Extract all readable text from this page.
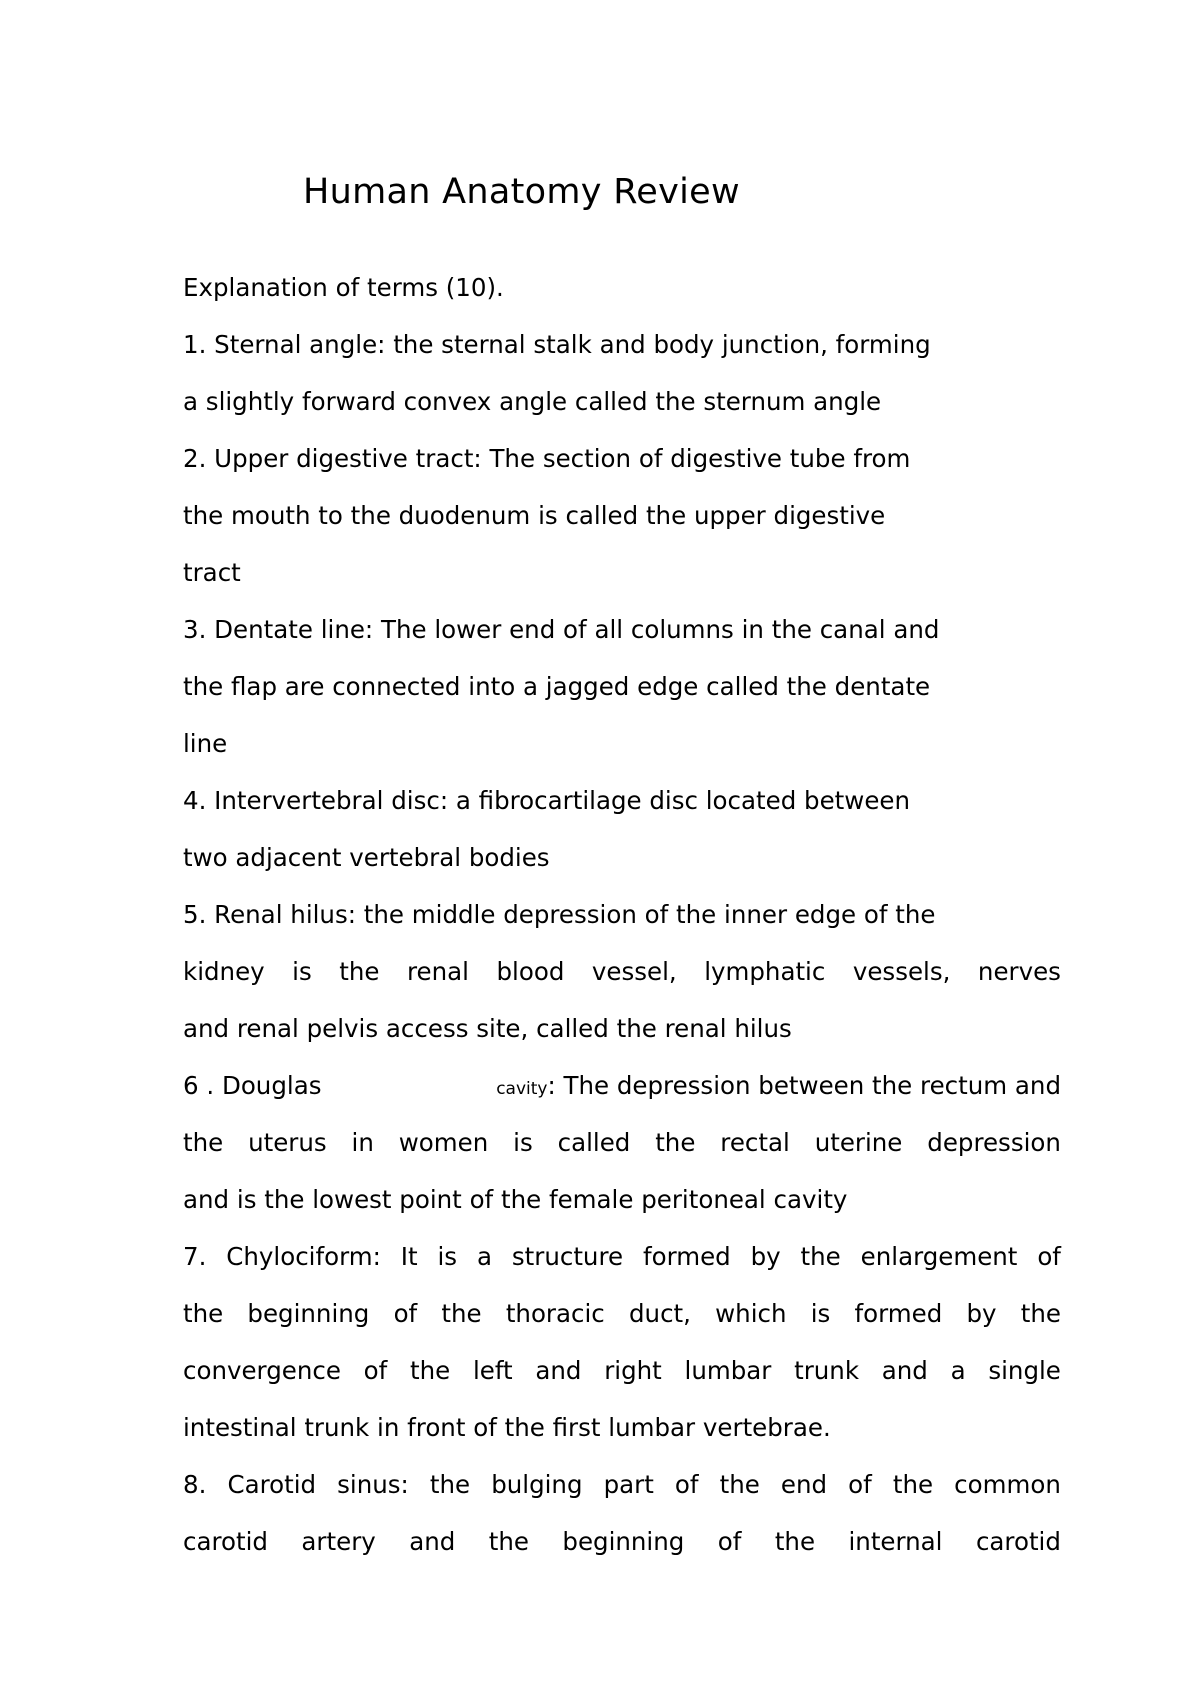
Human Anatomy Review
Explanation of terms (10).
1. Sternal angle: the sternal stalk and body junction, forming
a slightly forward convex angle called the sternum angle
2. Upper digestive tract: The section of digestive tube from
the mouth to the duodenum is called the upper digestive
tract
3. Dentate line: The lower end of all columns in the canal and
the flap are connected into a jagged edge called the dentate
line
4. Intervertebral disc: a fibrocartilage disc located between
two adjacent vertebral bodies
5. Renal hilus: the middle depression of the inner edge of the
kidney is the renal blood vessel, lymphatic vessels, nerves
and renal pelvis access site, called the renal hilus
6 . Douglas	cavity: The depression between the rectum and
the uterus in women is called the rectal uterine depression
and is the lowest point of the female peritoneal cavity
7. Chylociform: It is a structure formed by the enlargement of
the beginning of the thoracic duct, which is formed by the
convergence of the left and right lumbar trunk and a single
intestinal trunk in front of the first lumbar vertebrae.
8. Carotid sinus: the bulging part of the end of the common
carotid artery and the beginning of the internal carotid
